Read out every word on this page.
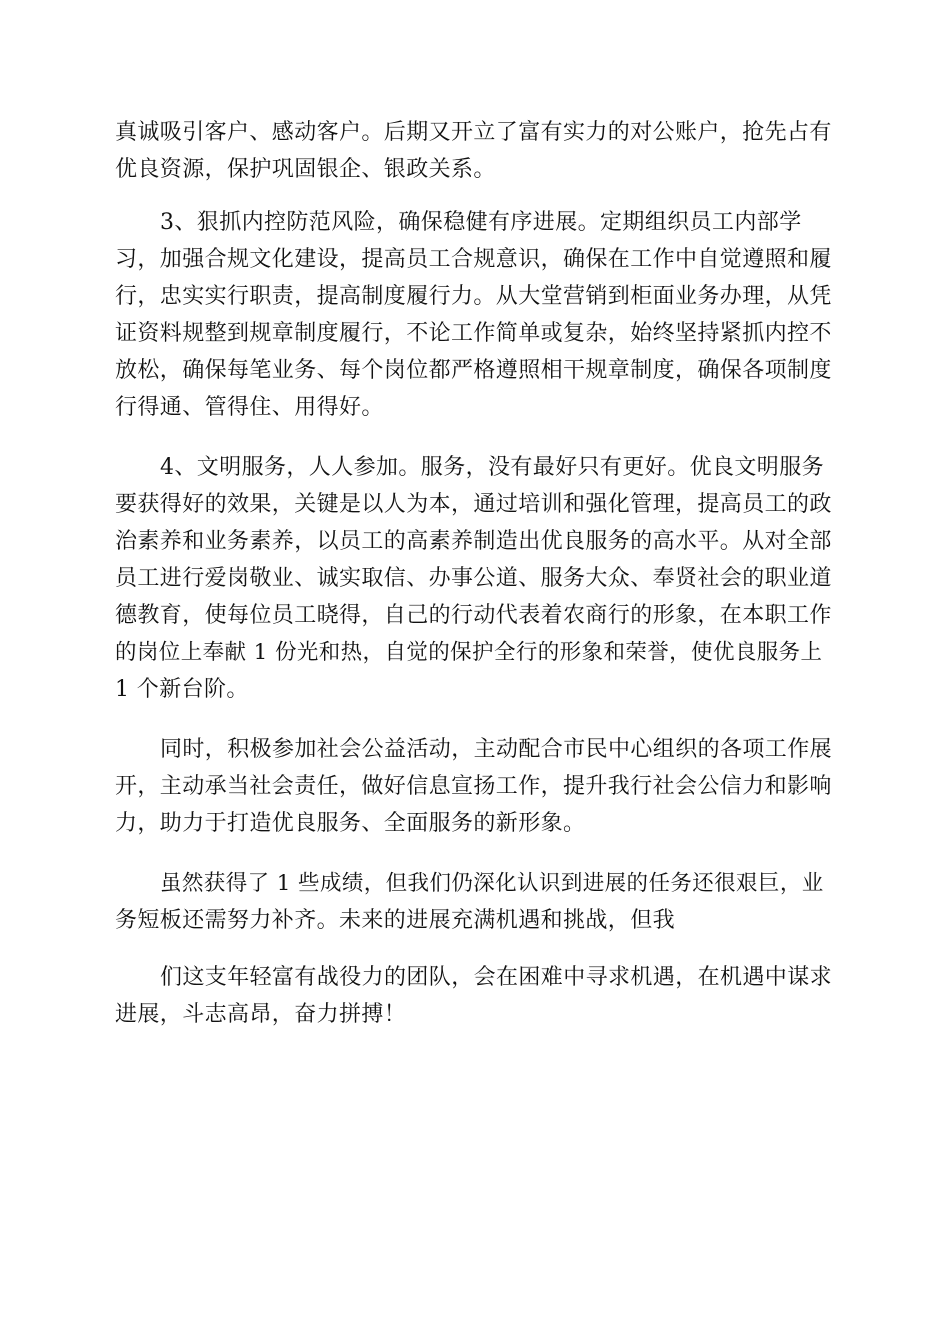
真诚吸引客户、感动客户。后期又开立了富有实力的对公账户，抢先占有
优良资源，保护巩固银企、银政关系。
3、狠抓内控防范风险，确保稳健有序进展。定期组织员工内部学
习，加强合规文化建设，提高员工合规意识，确保在工作中自觉遵照和履
行，忠实实行职责，提高制度履行力。从大堂营销到柜面业务办理，从凭
证资料规整到规章制度履行，不论工作简单或复杂，始终坚持紧抓内控不
放松，确保每笔业务、每个岗位都严格遵照相干规章制度，确保各项制度
行得通、管得住、用得好。
4、文明服务，人人参加。服务，没有最好只有更好。优良文明服务
要获得好的效果，关键是以人为本，通过培训和强化管理，提高员工的政
治素养和业务素养，以员工的高素养制造出优良服务的高水平。从对全部
员工进行爱岗敬业、诚实取信、办事公道、服务大众、奉贤社会的职业道
德教育，使每位员工晓得，自己的行动代表着农商行的形象，在本职工作
的岗位上奉献 1 份光和热，自觉的保护全行的形象和荣誉，使优良服务上
1 个新台阶。
同时，积极参加社会公益活动，主动配合市民中心组织的各项工作展
开，主动承当社会责任，做好信息宣扬工作，提升我行社会公信力和影响
力，助力于打造优良服务、全面服务的新形象。
虽然获得了 1 些成绩，但我们仍深化认识到进展的任务还很艰巨，业
务短板还需努力补齐。未来的进展充满机遇和挑战，但我
们这支年轻富有战役力的团队，会在困难中寻求机遇，在机遇中谋求
进展，斗志高昂，奋力拼搏！
